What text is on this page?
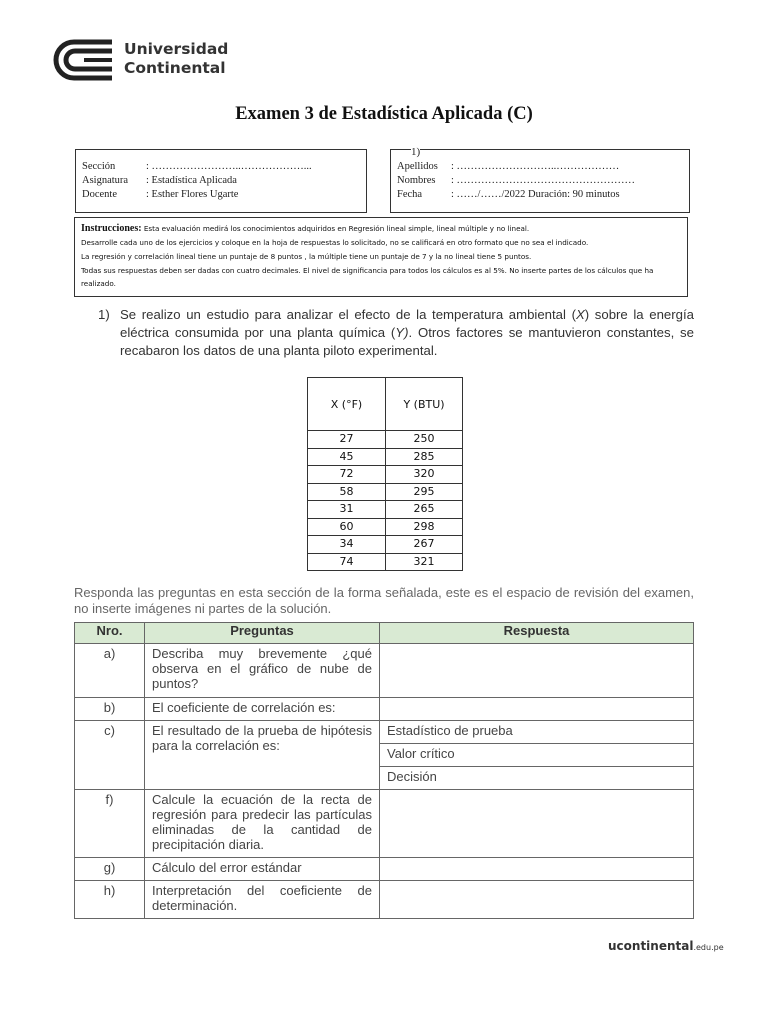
Universidad
Continental
Examen 3 de Estadística Aplicada (C)
Sección	: ……………………..………………...
Asignatura : Estadística Aplicada
Docente	: Esther Flores Ugarte
1)
Apellidos : ………………………..………………
Nombres : ……………………………………………
Fecha	: ……/……/2022 Duración: 90 minutos
Instrucciones: Esta evaluación medirá los conocimientos adquiridos en Regresión lineal simple, lineal múltiple y no lineal.
Desarrolle cada uno de los ejercicios y coloque en la hoja de respuestas lo solicitado, no se calificará en otro formato que no sea el indicado.
La regresión y correlación lineal tiene un puntaje de 8 puntos , la múltiple tiene un puntaje de 7 y la no lineal tiene 5 puntos.
Todas sus respuestas deben ser dadas con cuatro decimales. El nivel de significancia para todos los cálculos es al 5%. No inserte partes de los cálculos que ha realizado.
1) Se realizo un estudio para analizar el efecto de la temperatura ambiental (X) sobre la energía eléctrica consumida por una planta química (Y). Otros factores se mantuvieron constantes, se recabaron los datos de una planta piloto experimental.
X (°F)	Y (BTU)
27	250
45	285
72	320
58	295
31	265
60	298
34	267
74	321
Responda las preguntas en esta sección de la forma señalada, este es el espacio de revisión del examen, no inserte imágenes ni partes de la solución.
Nro.	Preguntas	Respuesta
a)	Describa muy brevemente ¿qué observa en el gráfico de nube de puntos?	
b)	El coeficiente de correlación es:	
c)	El resultado de la prueba de hipótesis para la correlación es:	Estadístico de prueba
		Valor crítico
		Decisión
f)	Calcule la ecuación de la recta de regresión para predecir las partículas eliminadas de la cantidad de precipitación diaria.	
g)	Cálculo del error estándar	
h)	Interpretación del coeficiente de determinación.	
ucontinental.edu.pe
